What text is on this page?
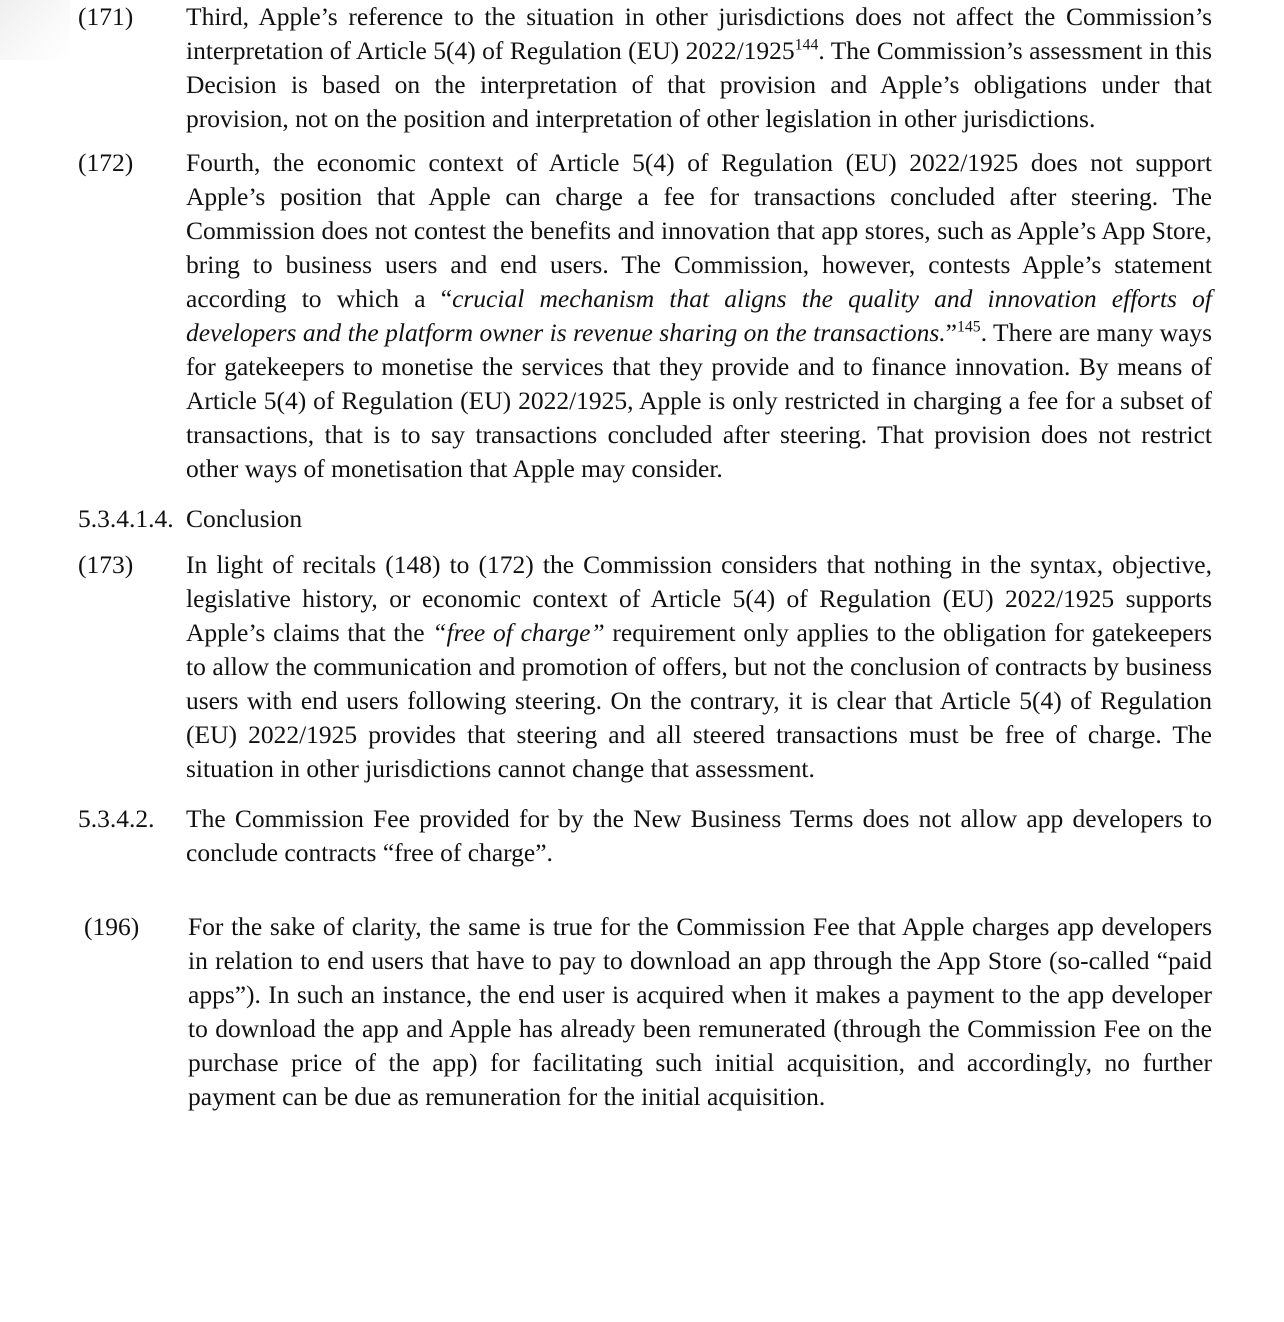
(171)	Third, Apple’s reference to the situation in other jurisdictions does not affect the Commission’s interpretation of Article 5(4) of Regulation (EU) 2022/1925$^{144}$. The Commission’s assessment in this Decision is based on the interpretation of that provision and Apple’s obligations under that provision, not on the position and interpretation of other legislation in other jurisdictions.
(172)	Fourth, the economic context of Article 5(4) of Regulation (EU) 2022/1925 does not support Apple’s position that Apple can charge a fee for transactions concluded after steering. The Commission does not contest the benefits and innovation that app stores, such as Apple’s App Store, bring to business users and end users. The Commission, however, contests Apple’s statement according to which a “crucial mechanism that aligns the quality and innovation efforts of developers and the platform owner is revenue sharing on the transactions.”$^{145}$. There are many ways for gatekeepers to monetise the services that they provide and to finance innovation. By means of Article 5(4) of Regulation (EU) 2022/1925, Apple is only restricted in charging a fee for a subset of transactions, that is to say transactions concluded after steering. That provision does not restrict other ways of monetisation that Apple may consider.
5.3.4.1.4. Conclusion
(173)	In light of recitals (148) to (172) the Commission considers that nothing in the syntax, objective, legislative history, or economic context of Article 5(4) of Regulation (EU) 2022/1925 supports Apple’s claims that the “free of charge” requirement only applies to the obligation for gatekeepers to allow the communication and promotion of offers, but not the conclusion of contracts by business users with end users following steering. On the contrary, it is clear that Article 5(4) of Regulation (EU) 2022/1925 provides that steering and all steered transactions must be free of charge. The situation in other jurisdictions cannot change that assessment.
5.3.4.2.	The Commission Fee provided for by the New Business Terms does not allow app developers to conclude contracts “free of charge”.
(196)	For the sake of clarity, the same is true for the Commission Fee that Apple charges app developers in relation to end users that have to pay to download an app through the App Store (so-called “paid apps”). In such an instance, the end user is acquired when it makes a payment to the app developer to download the app and Apple has already been remunerated (through the Commission Fee on the purchase price of the app) for facilitating such initial acquisition, and accordingly, no further payment can be due as remuneration for the initial acquisition.
